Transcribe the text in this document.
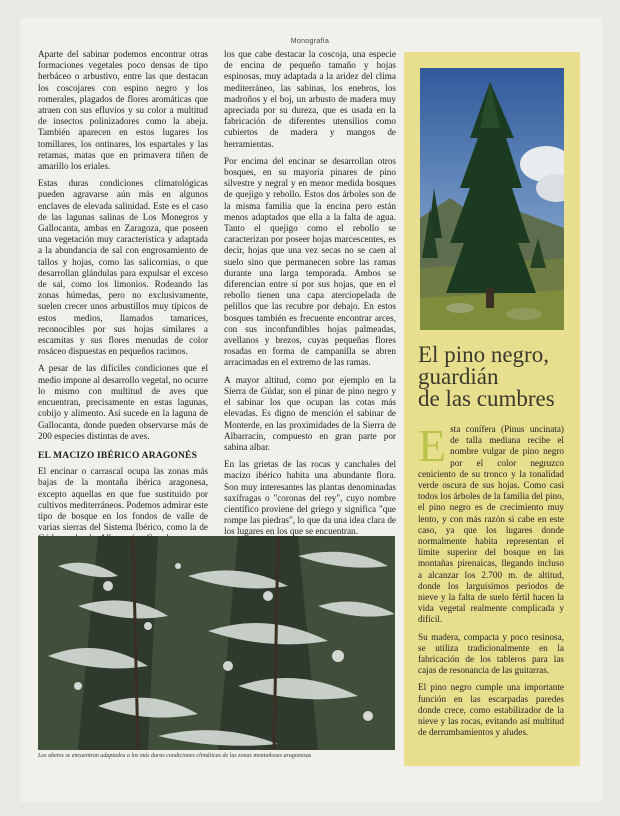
Monografía

Aparte del sabinar podemos encontrar otras formaciones vegetales poco densas de tipo herbáceo o arbustivo, entre las que destacan los coscojares con espino negro y los romerales, plagados de flores aromáticas que atraen con sus efluvios y su color a multitud de insectos polinizadores como la abeja. También aparecen en estos lugares los tomillares, los ontinares, los espartales y las retamas, matas que en primavera tiñen de amarillo los eriales.

Estas duras condiciones climatológicas pueden agravarse aún más en algunos enclaves de elevada salinidad. Este es el caso de las lagunas salinas de Los Monegros y Gallocanta, ambas en Zaragoza, que poseen una vegetación muy característica y adaptada a la abundancia de sal con engrosamiento de tallos y hojas, como las salicornias, o que desarrollan glándulas para expulsar el exceso de sal, como los limonios. Rodeando las zonas húmedas, pero no exclusivamente, suelen crecer unos arbustillos muy típicos de estos medios, llamados tamarices, reconocibles por sus hojas similares a escamitas y sus flores menudas de color rosáceo dispuestas en pequeños racimos.

A pesar de las difíciles condiciones que el medio impone al desarrollo vegetal, no ocurre lo mismo con multitud de aves que encuentran, precisamente en estas lagunas, cobijo y alimento. Así sucede en la laguna de Gallocanta, donde pueden observarse más de 200 especies distintas de aves.

EL MACIZO IBÉRICO ARAGONÉS

El encinar o carrascal ocupa las zonas más bajas de la montaña ibérica aragonesa, excepto aquellas en que fue sustituido por cultivos mediterráneos. Podemos admirar este tipo de bosque en los fondos de valle de varias sierras del Sistema Ibérico, como la de

los que cabe destacar la coscoja, una especie de encina de pequeño tamaño y hojas espinosas, muy adaptada a la aridez del clima mediterráneo, las sabinas, los enebros, los madroños y el boj, un arbusto de madera muy apreciada por su dureza, que es usada en la fabricación de diferentes utensilios como cubiertos de madera y mangos de herramientas.

Por encima del encinar se desarrollan otros bosques, en su mayoría pinares de pino silvestre y negral y en menor medida bosques de quejigo y rebollo. Estos dos árboles son de la misma familia que la encina pero están menos adaptados que ella a la falta de agua. Tanto el quejigo como el rebollo se caracterizan por poseer hojas marcescentes, es decir, hojas que una vez secas no se caen al suelo sino que permanecen sobre las ramas durante una larga temporada. Ambos se diferencian entre sí por sus hojas, que en el rebollo tienen una capa aterciopelada de pelillos que las recubre por debajo. En estos bosques también es frecuente encontrar arces, con sus inconfundibles hojas palmeadas, avellanos y brezos, cuyas pequeñas flores rosadas en forma de campanilla se abren arracimadas en el extremo de las ramas.

A mayor altitud, como por ejemplo en la Sierra de Gúdar, son el pinar de pino negro y el sabinar los que ocupan las cotas más elevadas. Es digno de mención el sabinar de Monterde, en las proximidades de la Sierra de Albarracín, compuesto en gran parte por sabina albar.

En las grietas de las rocas y canchales del macizo ibérico habita una abundante flora. Son muy interesantes las plantas denominadas saxífragas o "coronas del rey", cuyo nombre científico proviene del griego y significa "que rompe las piedras", lo que da una idea clara de los lugares en los que se encuentran.

El pino negro,
guardián
de las cumbres

Esta conífera (Pinus uncinata) de talla mediana recibe el nombre vulgar de pino negro por el color negruzco ceniciento de su tronco y la tonalidad verde oscura de sus hojas. Como casi todos los árboles de la familia del pino, el pino negro es de crecimiento muy lento, y con más razón si cabe en este caso, ya que los lugares donde normalmente habita representan el límite superior del bosque en las montañas pirenaicas, llegando incluso a alcanzar los 2.700 m. de altitud, donde los larguísimos periodos de nieve y la falta de suelo fértil hacen la vida vegetal realmente complicada y difícil.

Su madera, compacta y poco resinosa, se utiliza tradicionalmente en la fabricación de los tableros para las cajas de resonancia de las guitarras.

El pino negro cumple una importante función en las escarpadas paredes donde crece, como estabilizador de la nieve y las rocas, evitando así multitud de derrumbamientos y aludes.

Los abetos se encuentran adaptados a las más duras condiciones climáticas de las zonas montañosas aragonesas
